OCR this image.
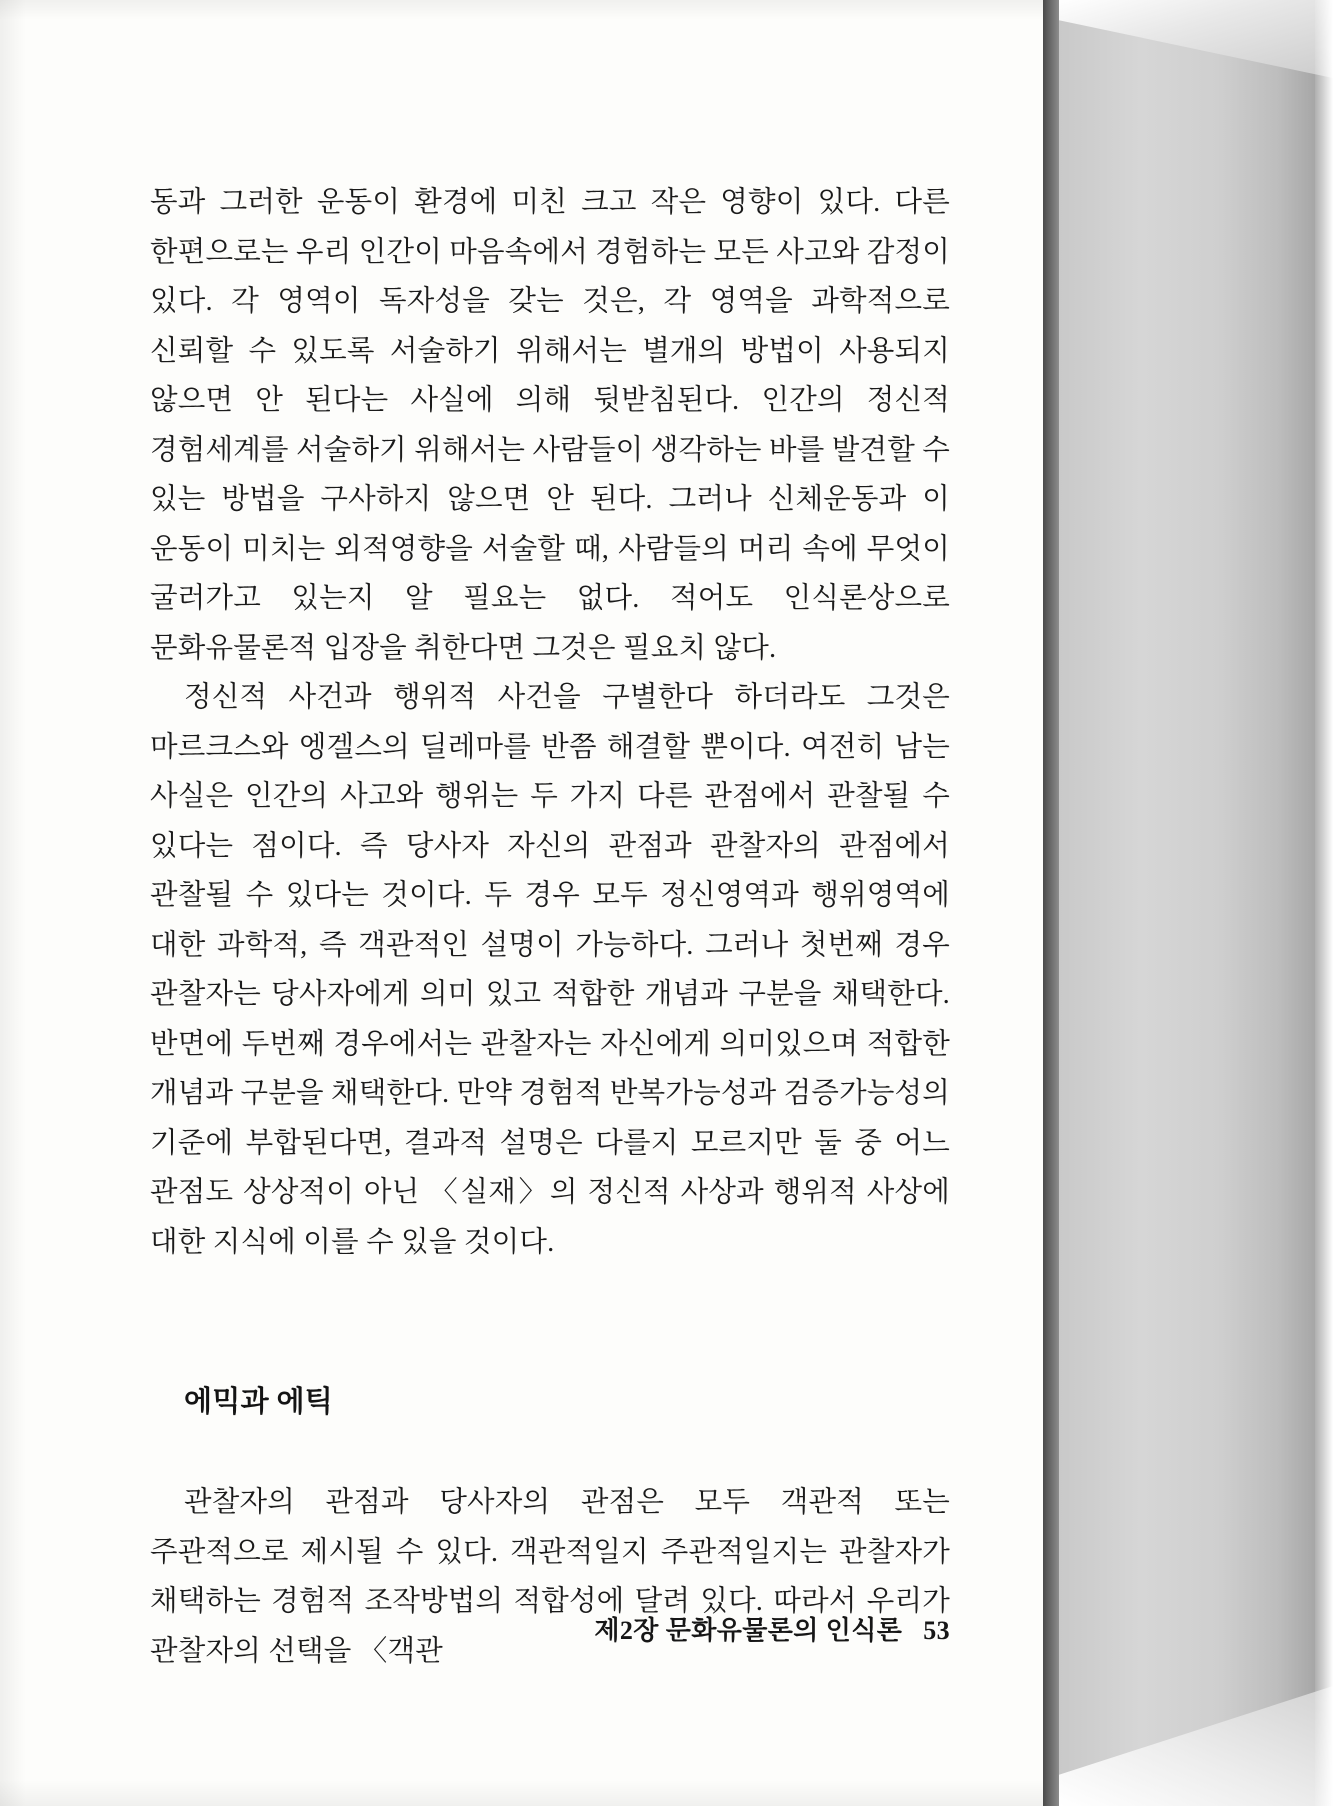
동과 그러한 운동이 환경에 미친 크고 작은 영향이 있다. 다른 한편으로는 우리 인간이 마음속에서 경험하는 모든 사고와 감정이 있다. 각 영역이 독자성을 갖는 것은, 각 영역을 과학적으로 신뢰할 수 있도록 서술하기 위해서는 별개의 방법이 사용되지 않으면 안 된다는 사실에 의해 뒷받침된다. 인간의 정신적 경험세계를 서술하기 위해서는 사람들이 생각하는 바를 발견할 수 있는 방법을 구사하지 않으면 안 된다. 그러나 신체운동과 이 운동이 미치는 외적영향을 서술할 때, 사람들의 머리 속에 무엇이 굴러가고 있는지 알 필요는 없다. 적어도 인식론상으로 문화유물론적 입장을 취한다면 그것은 필요치 않다.

정신적 사건과 행위적 사건을 구별한다 하더라도 그것은 마르크스와 엥겔스의 딜레마를 반쯤 해결할 뿐이다. 여전히 남는 사실은 인간의 사고와 행위는 두 가지 다른 관점에서 관찰될 수 있다는 점이다. 즉 당사자 자신의 관점과 관찰자의 관점에서 관찰될 수 있다는 것이다. 두 경우 모두 정신영역과 행위영역에 대한 과학적, 즉 객관적인 설명이 가능하다. 그러나 첫번째 경우 관찰자는 당사자에게 의미 있고 적합한 개념과 구분을 채택한다. 반면에 두번째 경우에서는 관찰자는 자신에게 의미있으며 적합한 개념과 구분을 채택한다. 만약 경험적 반복가능성과 검증가능성의 기준에 부합된다면, 결과적 설명은 다를지 모르지만 둘 중 어느 관점도 상상적이 아닌 〈실재〉의 정신적 사상과 행위적 사상에 대한 지식에 이를 수 있을 것이다.

에믹과 에틱

관찰자의 관점과 당사자의 관점은 모두 객관적 또는 주관적으로 제시될 수 있다. 객관적일지 주관적일지는 관찰자가 채택하는 경험적 조작방법의 적합성에 달려 있다. 따라서 우리가 관찰자의 선택을 〈객관

제2장 문화유물론의 인식론 53
